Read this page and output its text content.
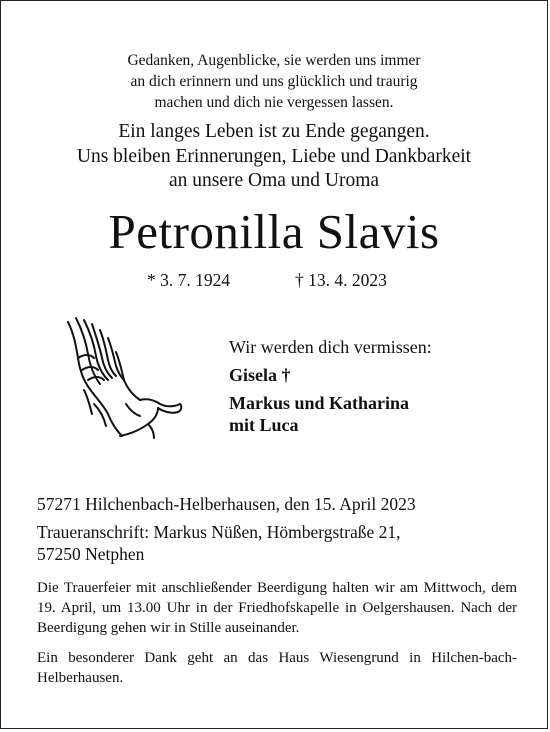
Gedanken, Augenblicke, sie werden uns immer
an dich erinnern und uns glücklich und traurig
machen und dich nie vergessen lassen.
Ein langes Leben ist zu Ende gegangen.
Uns bleiben Erinnerungen, Liebe und Dankbarkeit
an unsere Oma und Uroma
Petronilla Slavis
* 3. 7. 1924	† 13. 4. 2023
Wir werden dich vermissen:
Gisela †
Markus und Katharina
mit Luca
57271 Hilchenbach-Helberhausen, den 15. April 2023
Traueranschrift: Markus Nüßen, Hömbergstraße 21,
57250 Netphen
Die Trauerfeier mit anschließender Beerdigung halten wir am Mittwoch, dem 19. April, um 13.00 Uhr in der Friedhofskapelle in Oelgershausen. Nach der Beerdigung gehen wir in Stille auseinander.
Ein besonderer Dank geht an das Haus Wiesengrund in Hilchen-bach-Helberhausen.
